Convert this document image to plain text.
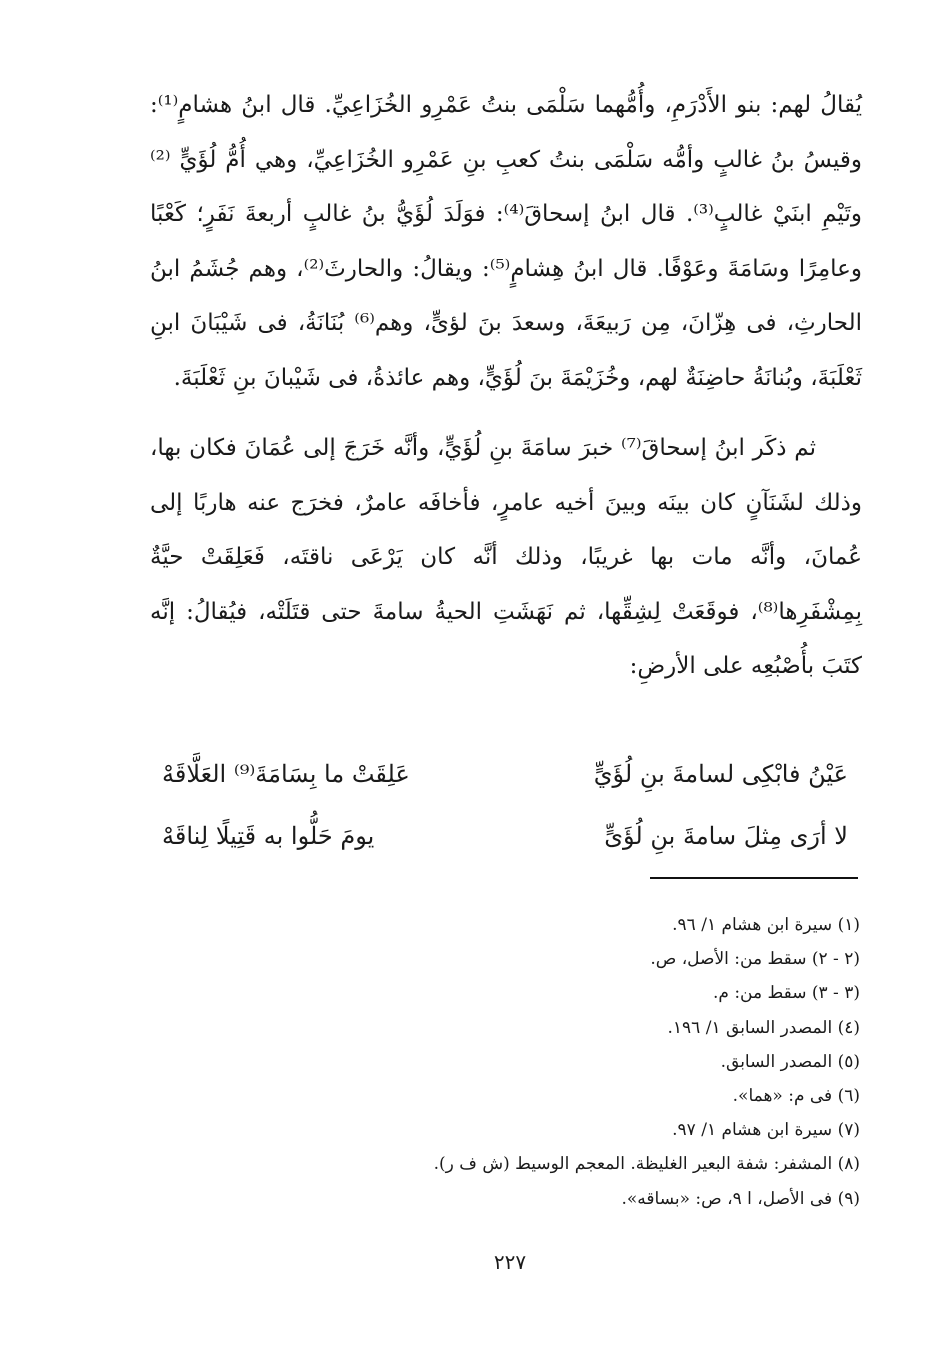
يُقالُ لهم: بنو الأَدْرَمِ، وأُمُّهما سَلْمَى بنتُ عَمْرِو الخُزَاعِيِّ. قال ابنُ هشامٍ⁽¹⁾: وقيسُ بنُ غالبٍ وأمُّه سَلْمَى بنتُ كعبِ بنِ عَمْرِو الخُزَاعِيِّ، وهي أُمُّ لُؤَيٍّ ⁽²⁾وتَيْمِ ابنَيْ غالبٍ⁽³⁾. قال ابنُ إسحاقَ⁽⁴⁾: فوَلَدَ لُؤَيُّ بنُ غالبٍ أربعةَ نَفَرٍ؛ كَعْبًا وعامِرًا وسَامَةَ وعَوْفًا. قال ابنُ هِشامٍ⁽⁵⁾: ويقالُ: والحارثَ⁽²⁾، وهم جُشَمُ ابنُ الحارثِ، فى هِزّانَ، مِن رَبيعَةَ، وسعدَ بنَ لؤىٍّ، وهم⁽⁶⁾ بُنَانَةُ، فى شَيْبَانَ ابنِ ثَعْلَبَةَ، وبُنانَةُ حاضِنَةٌ لهم، وخُزَيْمَةَ بنَ لُؤَيٍّ، وهم عائذةُ، فى شَيْبانَ بنِ ثَعْلَبَةَ.

ثم ذكَر ابنُ إسحاقَ⁽⁷⁾ خبرَ سامَةَ بنِ لُؤَيٍّ، وأنَّه خَرَجَ إلى عُمَانَ فكان بها، وذلك لشَنَآنٍ كان بينَه وبينَ أخيه عامرٍ، فأخافَه عامرٌ، فخرَج عنه هاربًا إلى عُمانَ، وأنَّه مات بها غريبًا، وذلك أنَّه كان يَرْعَى ناقتَه، فَعَلِقَتْ حيَّةٌ بِمِشْفَرِها⁽⁸⁾، فوقَعَتْ لِشِقِّها، ثم نَهَشَتِ الحيةُ سامةَ حتى قتَلَتْه، فيُقالُ: إنَّه كتَبَ بأُصْبُعِه على الأرضِ:

عَيْنُ فابْكِى لسامةَ بنِ لُؤَيٍّ
عَلِقَتْ ما بِسَامَةَ⁽⁹⁾ العَلَّاقَهْ
لا أرَى مِثلَ سامةَ بنِ لُؤَىٍّ
يومَ حَلُّوا به قَتِيلًا لِناقَهْ
(١) سيرة ابن هشام ١/ ٩٦.
(٢ - ٢) سقط من: الأصل، ص.
(٣ - ٣) سقط من: م.
(٤) المصدر السابق ١/ ١٩٦.
(٥) المصدر السابق.
(٦) فى م: «هما».
(٧) سيرة ابن هشام ١/ ٩٧.
(٨) المشفر: شفة البعير الغليظة. المعجم الوسيط (ش ف ر).
(٩) فى الأصل، ا ٩، ص: «بساقه».
٢٢٧
